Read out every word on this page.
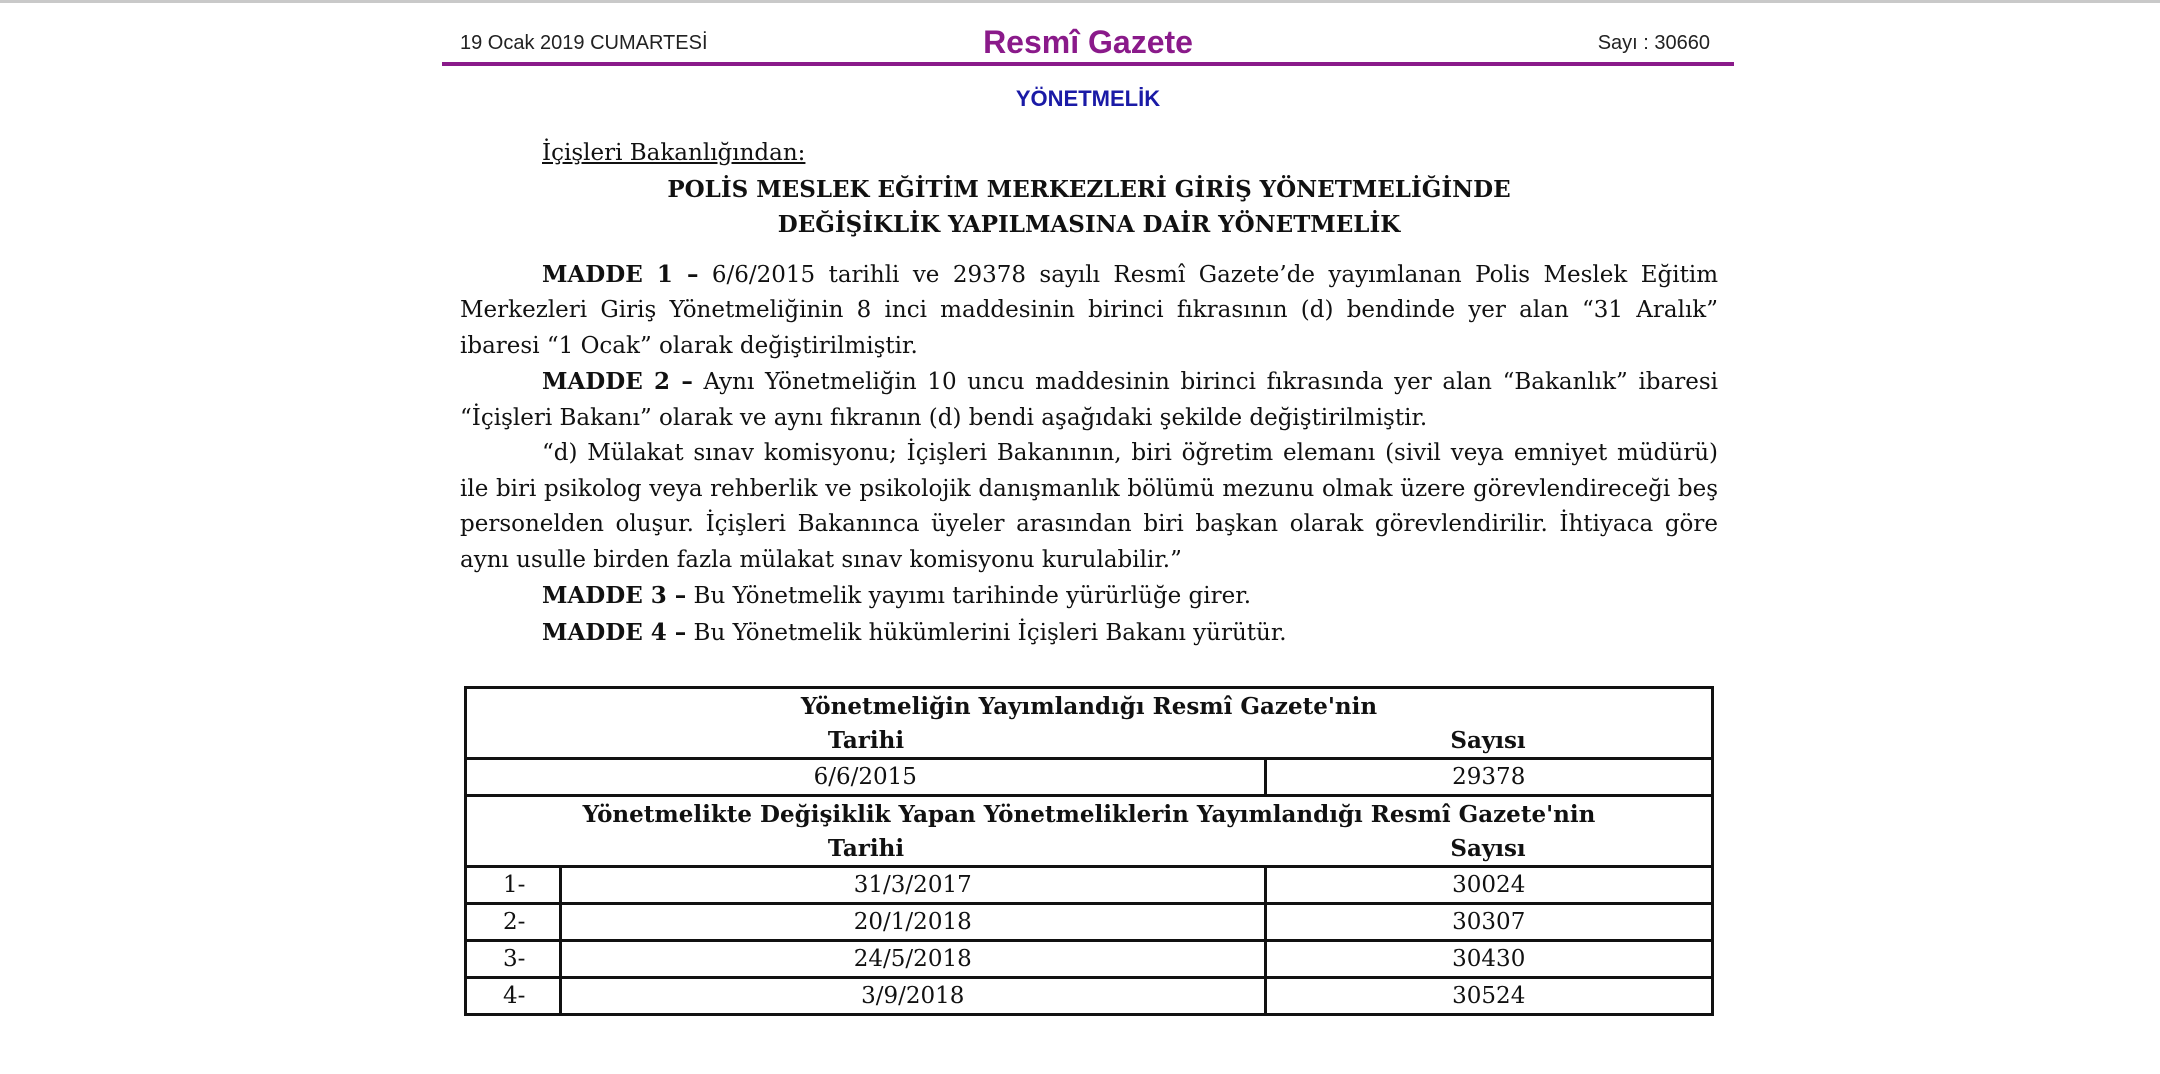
19 Ocak 2019 CUMARTESİ	Resmî Gazete	Sayı : 30660
YÖNETMELİK
İçişleri Bakanlığından:
POLİS MESLEK EĞİTİM MERKEZLERİ GİRİŞ YÖNETMELİĞİNDE
DEĞİŞİKLİK YAPILMASINA DAİR YÖNETMELİK

MADDE 1 – 6/6/2015 tarihli ve 29378 sayılı Resmî Gazete’de yayımlanan Polis Meslek Eğitim Merkezleri Giriş Yönetmeliğinin 8 inci maddesinin birinci fıkrasının (d) bendinde yer alan “31 Aralık” ibaresi “1 Ocak” olarak değiştirilmiştir.

MADDE 2 – Aynı Yönetmeliğin 10 uncu maddesinin birinci fıkrasında yer alan “Bakanlık” ibaresi “İçişleri Bakanı” olarak ve aynı fıkranın (d) bendi aşağıdaki şekilde değiştirilmiştir.

“d) Mülakat sınav komisyonu; İçişleri Bakanının, biri öğretim elemanı (sivil veya emniyet müdürü) ile biri psikolog veya rehberlik ve psikolojik danışmanlık bölümü mezunu olmak üzere görevlendireceği beş personelden oluşur. İçişleri Bakanınca üyeler arasından biri başkan olarak görevlendirilir. İhtiyaca göre aynı usulle birden fazla mülakat sınav komisyonu kurulabilir.”

MADDE 3 – Bu Yönetmelik yayımı tarihinde yürürlüğe girer.

MADDE 4 – Bu Yönetmelik hükümlerini İçişleri Bakanı yürütür.

Yönetmeliğin Yayımlandığı Resmî Gazete'nin		
Tarihi		Sayısı
6/6/2015		29378
Yönetmelikte Değişiklik Yapan Yönetmeliklerin Yayımlandığı Resmî Gazete'nin		
Tarihi		Sayısı
1-	31/3/2017	30024
2-	20/1/2018	30307
3-	24/5/2018	30430
4-	3/9/2018	30524
